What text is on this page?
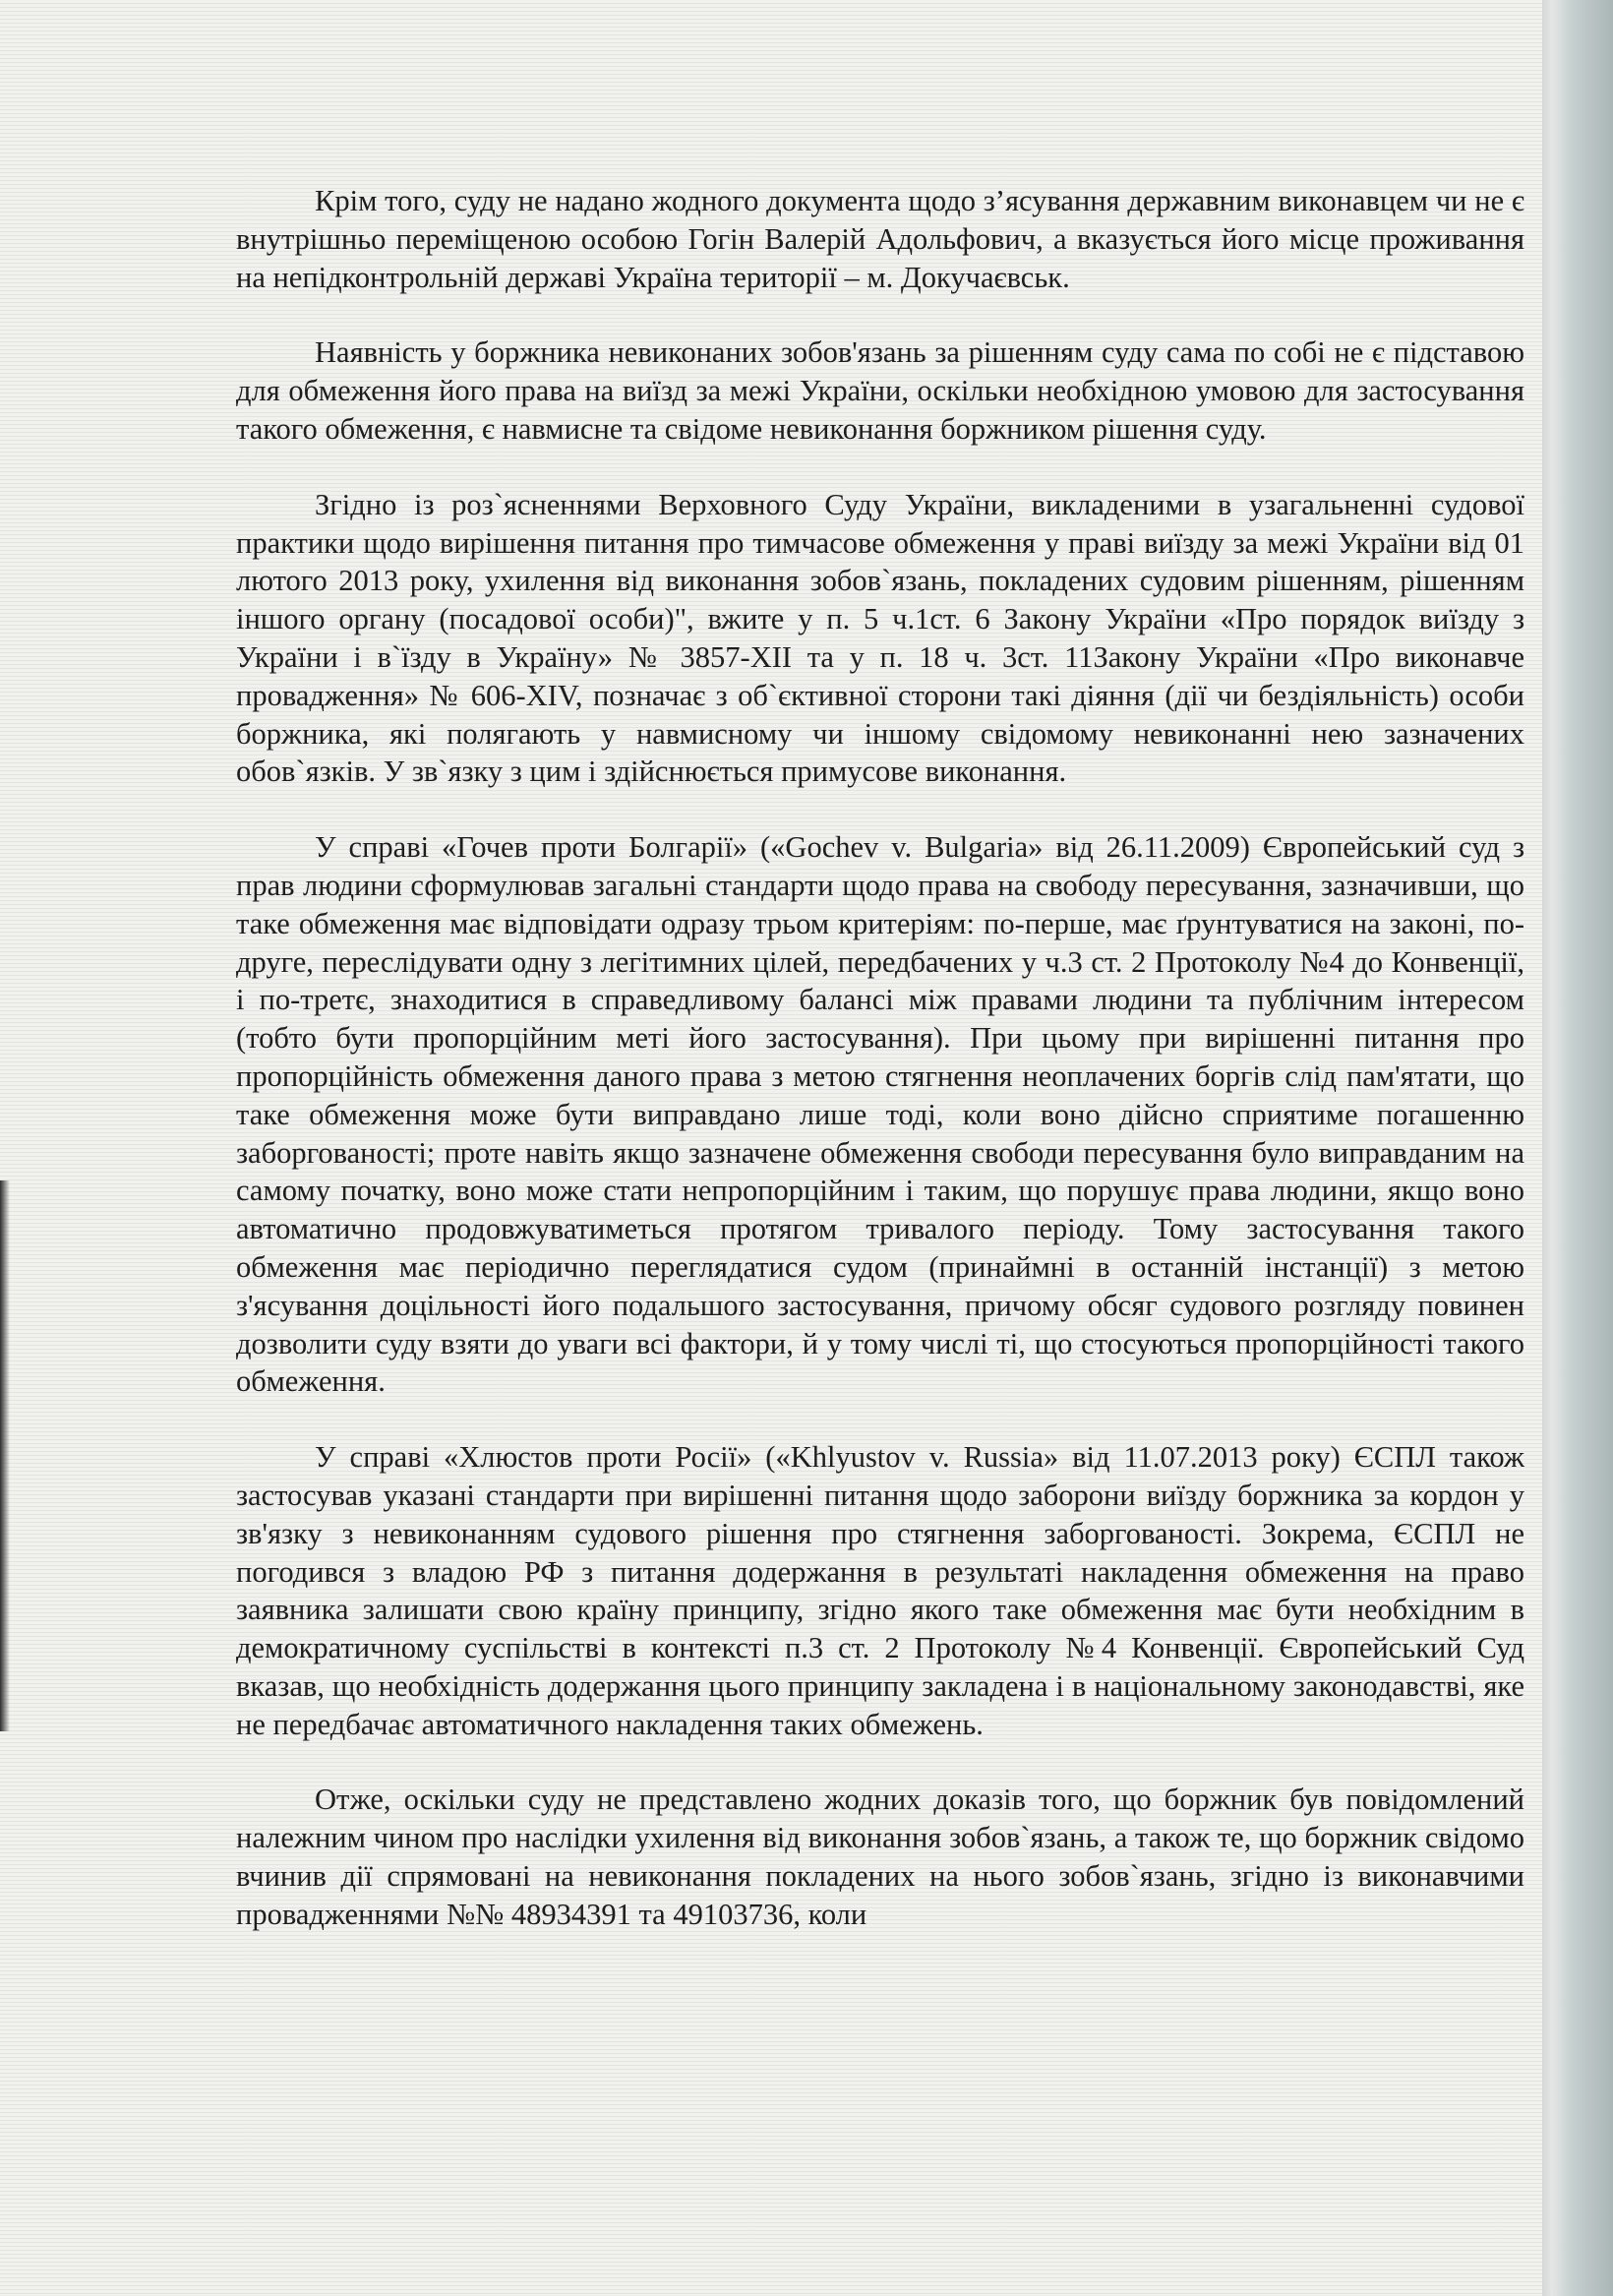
Крім того, суду не надано жодного документа щодо з’ясування державним виконавцем чи не є внутрішньо переміщеною особою Гогін Валерій Адольфович, а вказується його місце проживання на непідконтрольній державі Україна території – м. Докучаєвськ.

Наявність у боржника невиконаних зобов'язань за рішенням суду сама по собі не є підставою для обмеження його права на виїзд за межі України, оскільки необхідною умовою для застосування такого обмеження, є навмисне та свідоме невиконання боржником рішення суду.

Згідно із роз`ясненнями Верховного Суду України, викладеними в узагальненні судової практики щодо вирішення питання про тимчасове обмеження у праві виїзду за межі України від 01 лютого 2013 року, ухилення від виконання зобов`язань, покладених судовим рішенням, рішенням іншого органу (посадової особи)", вжите у п. 5 ч.1ст. 6 Закону України «Про порядок виїзду з України і в`їзду в Україну» № 3857-ХІІ та у п. 18 ч. 3ст. 11Закону України «Про виконавче провадження» № 606-XIV, позначає з об`єктивної сторони такі діяння (дії чи бездіяльність) особи боржника, які полягають у навмисному чи іншому свідомому невиконанні нею зазначених обов`язків. У зв`язку з цим і здійснюється примусове виконання.

У справі «Гочев проти Болгарії» («Gochev v. Bulgaria» від 26.11.2009) Європейський суд з прав людини сформулював загальні стандарти щодо права на свободу пересування, зазначивши, що таке обмеження має відповідати одразу трьом критеріям: по-перше, має ґрунтуватися на законі, по-друге, переслідувати одну з легітимних цілей, передбачених у ч.3 ст. 2 Протоколу №4 до Конвенції, і по-третє, знаходитися в справедливому балансі між правами людини та публічним інтересом (тобто бути пропорційним меті його застосування). При цьому при вирішенні питання про пропорційність обмеження даного права з метою стягнення неоплачених боргів слід пам'ятати, що таке обмеження може бути виправдано лише тоді, коли воно дійсно сприятиме погашенню заборгованості; проте навіть якщо зазначене обмеження свободи пересування було виправданим на самому початку, воно може стати непропорційним і таким, що порушує права людини, якщо воно автоматично продовжуватиметься протягом тривалого періоду. Тому застосування такого обмеження має періодично переглядатися судом (принаймні в останній інстанції) з метою з'ясування доцільності його подальшого застосування, причому обсяг судового розгляду повинен дозволити суду взяти до уваги всі фактори, й у тому числі ті, що стосуються пропорційності такого обмеження.

У справі «Хлюстов проти Росії» («Khlyustov v. Russia» від 11.07.2013 року) ЄСПЛ також застосував указані стандарти при вирішенні питання щодо заборони виїзду боржника за кордон у зв'язку з невиконанням судового рішення про стягнення заборгованості. Зокрема, ЄСПЛ не погодився з владою РФ з питання додержання в результаті накладення обмеження на право заявника залишати свою країну принципу, згідно якого таке обмеження має бути необхідним в демократичному суспільстві в контексті п.3 ст. 2 Протоколу №4 Конвенції. Європейський Суд вказав, що необхідність додержання цього принципу закладена і в національному законодавстві, яке не передбачає автоматичного накладення таких обмежень.

Отже, оскільки суду не представлено жодних доказів того, що боржник був повідомлений належним чином про наслідки ухилення від виконання зобов`язань, а також те, що боржник свідомо вчинив дії спрямовані на невиконання покладених на нього зобов`язань, згідно із виконавчими провадженнями №№ 48934391 та 49103736, коли
